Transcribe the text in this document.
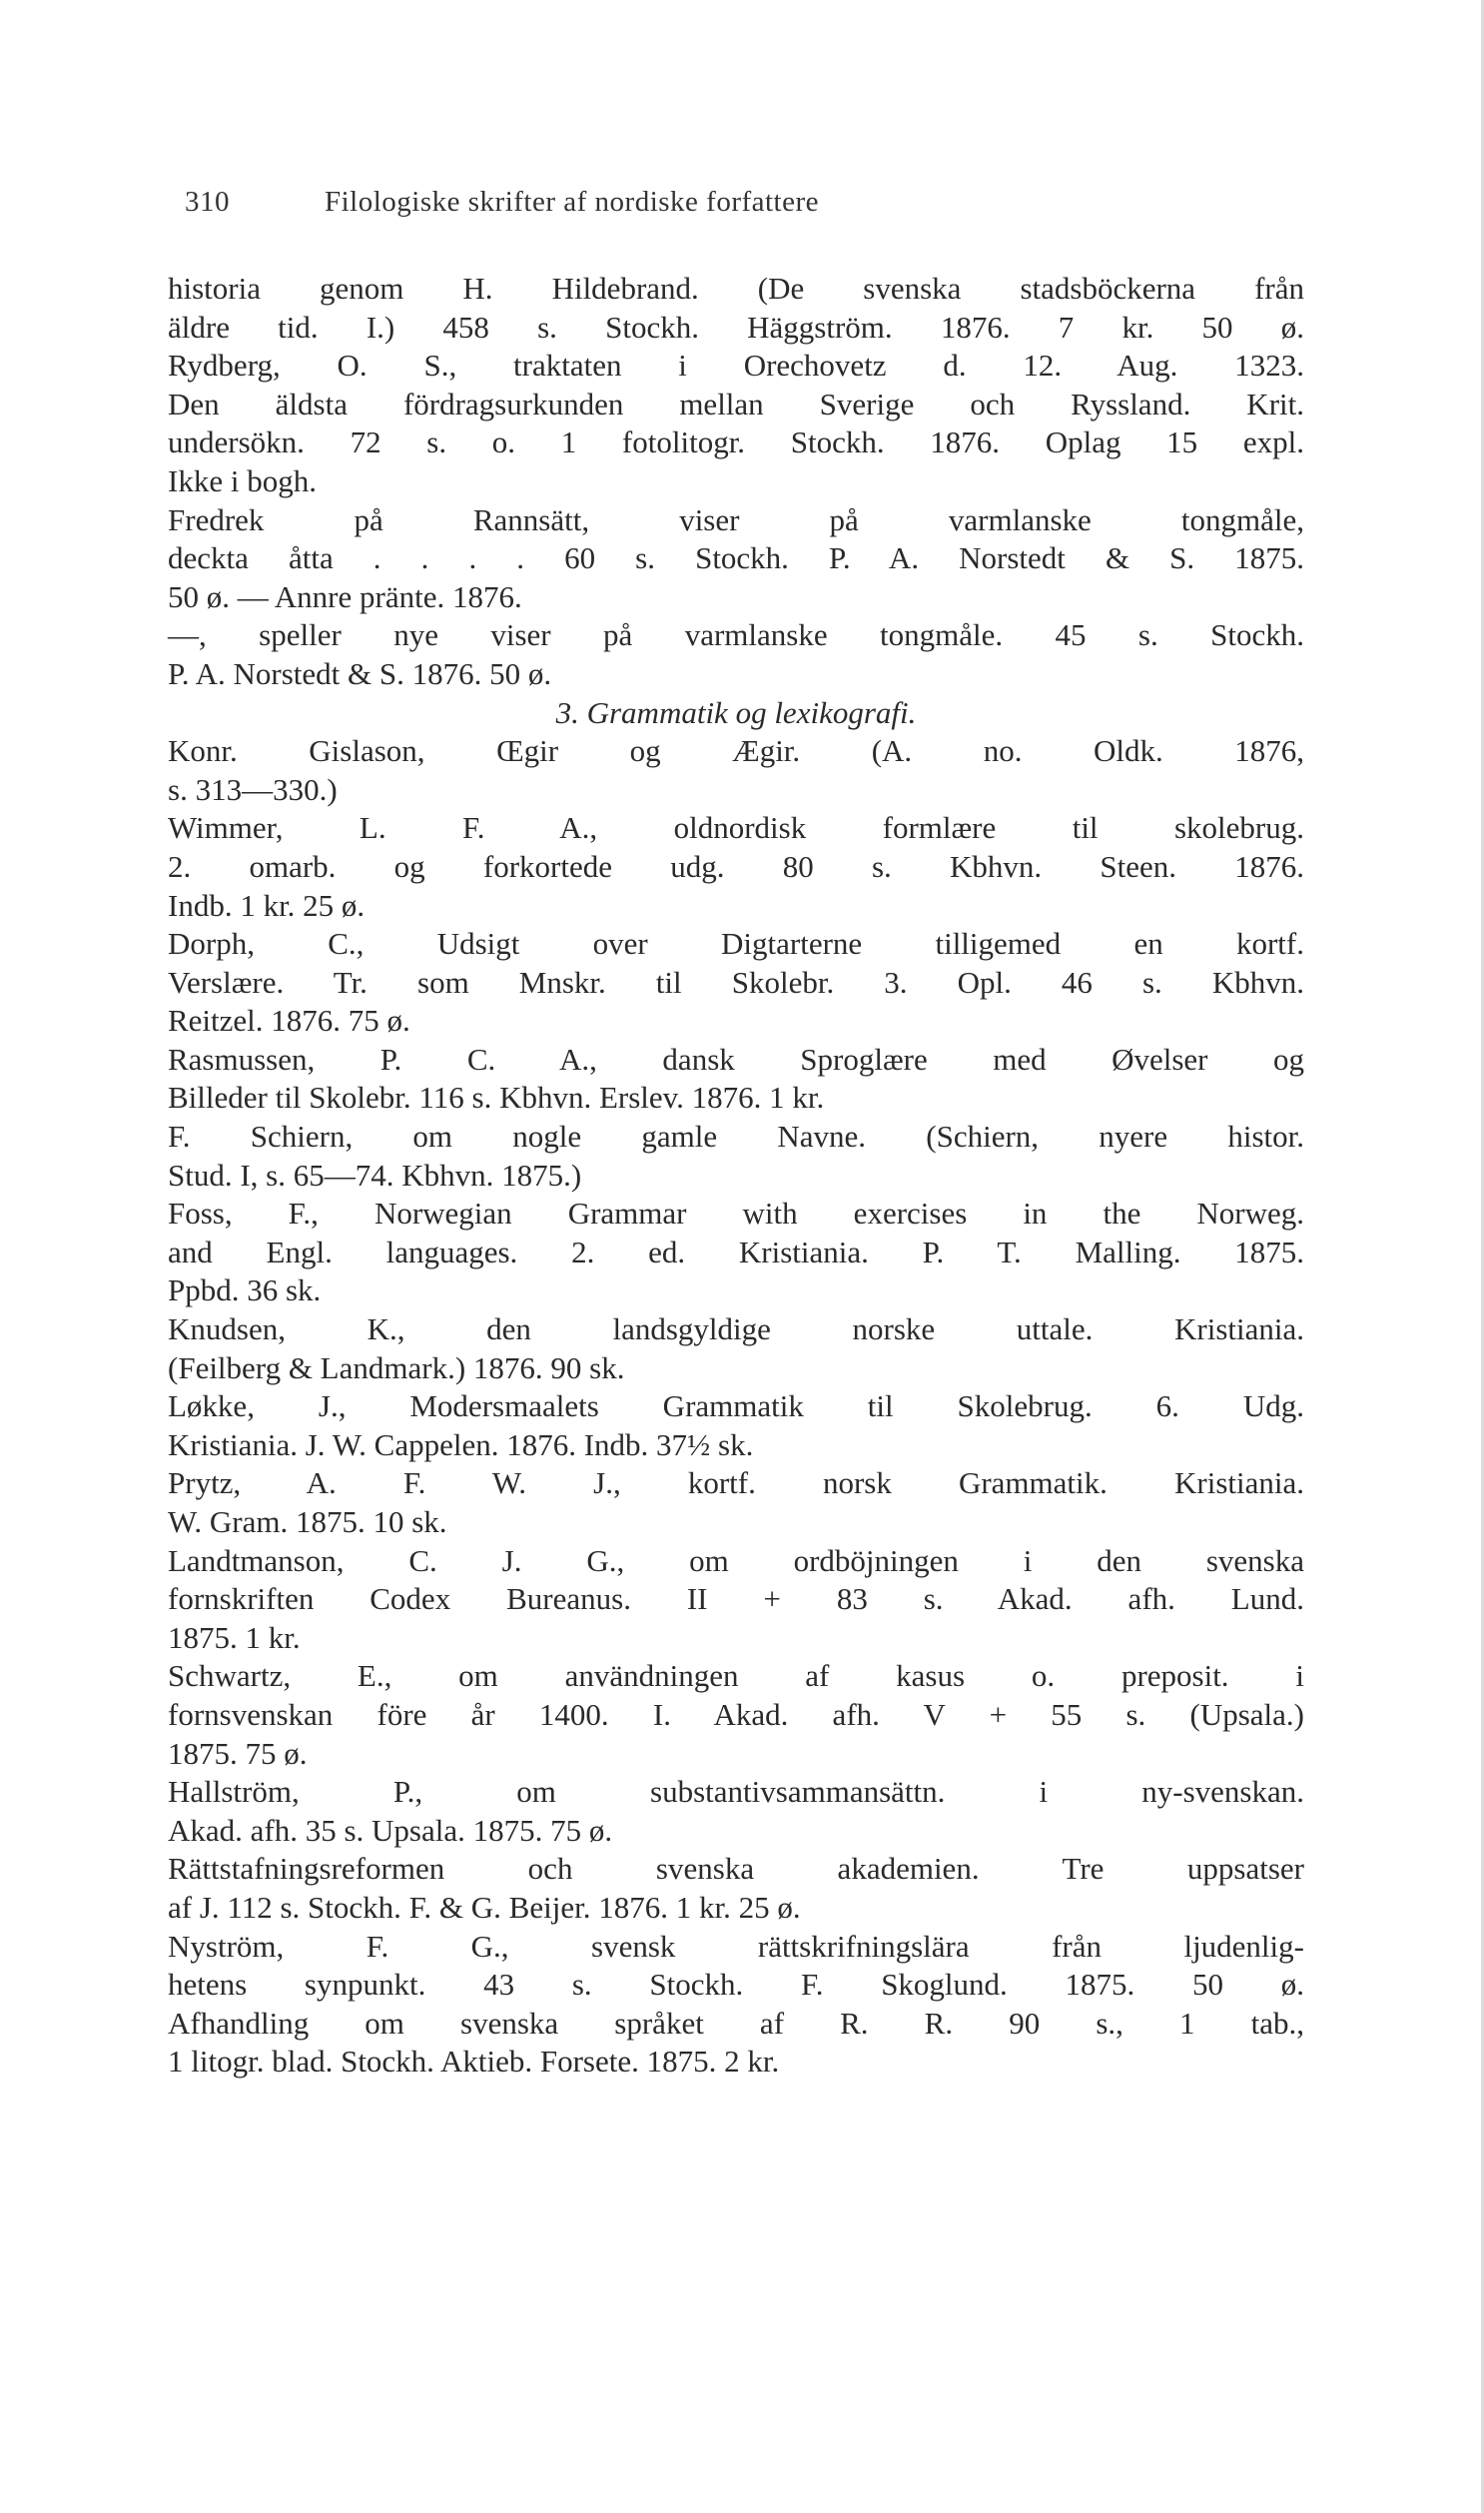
310	Filologiske skrifter af nordiske forfattere
historia genom H. Hildebrand. (De svenska stadsböckerna från
äldre tid. I.) 458 s. Stockh. Häggström. 1876. 7 kr. 50 ø.
Rydberg, O. S., traktaten i Orechovetz d. 12. Aug. 1323.
Den äldsta fördragsurkunden mellan Sverige och Ryssland. Krit.
undersökn. 72 s. o. 1 fotolitogr. Stockh. 1876. Oplag 15 expl.
Ikke i bogh.
Fredrek på Rannsätt, viser på varmlanske tongmåle,
deckta åtta . . . . 60 s. Stockh. P. A. Norstedt & S. 1875.
50 ø. — Annre pränte. 1876.
—, speller nye viser på varmlanske tongmåle. 45 s. Stockh.
P. A. Norstedt & S. 1876. 50 ø.
3. Grammatik og lexikografi.
Konr. Gislason, Œgir og Ægir. (A. no. Oldk. 1876,
s. 313—330.)
Wimmer, L. F. A., oldnordisk formlære til skolebrug.
2. omarb. og forkortede udg. 80 s. Kbhvn. Steen. 1876.
Indb. 1 kr. 25 ø.
Dorph, C., Udsigt over Digtarterne tilligemed en kortf.
Verslære. Tr. som Mnskr. til Skolebr. 3. Opl. 46 s. Kbhvn.
Reitzel. 1876. 75 ø.
Rasmussen, P. C. A., dansk Sproglære med Øvelser og
Billeder til Skolebr. 116 s. Kbhvn. Erslev. 1876. 1 kr.
F. Schiern, om nogle gamle Navne. (Schiern, nyere histor.
Stud. I, s. 65—74. Kbhvn. 1875.)
Foss, F., Norwegian Grammar with exercises in the Norweg.
and Engl. languages. 2. ed. Kristiania. P. T. Malling. 1875.
Ppbd. 36 sk.
Knudsen, K., den landsgyldige norske uttale. Kristiania.
(Feilberg & Landmark.) 1876. 90 sk.
Løkke, J., Modersmaalets Grammatik til Skolebrug. 6. Udg.
Kristiania. J. W. Cappelen. 1876. Indb. 37½ sk.
Prytz, A. F. W. J., kortf. norsk Grammatik. Kristiania.
W. Gram. 1875. 10 sk.
Landtmanson, C. J. G., om ordböjningen i den svenska
fornskriften Codex Bureanus. II + 83 s. Akad. afh. Lund.
1875. 1 kr.
Schwartz, E., om användningen af kasus o. preposit. i
fornsvenskan före år 1400. I. Akad. afh. V + 55 s. (Upsala.)
1875. 75 ø.
Hallström, P., om substantivsammansättn. i ny-svenskan.
Akad. afh. 35 s. Upsala. 1875. 75 ø.
Rättstafningsreformen och svenska akademien. Tre uppsatser
af J. 112 s. Stockh. F. & G. Beijer. 1876. 1 kr. 25 ø.
Nyström, F. G., svensk rättskrifningslära från ljudenlig-
hetens synpunkt. 43 s. Stockh. F. Skoglund. 1875. 50 ø.
Afhandling om svenska språket af R. R. 90 s., 1 tab.,
1 litogr. blad. Stockh. Aktieb. Forsete. 1875. 2 kr.
